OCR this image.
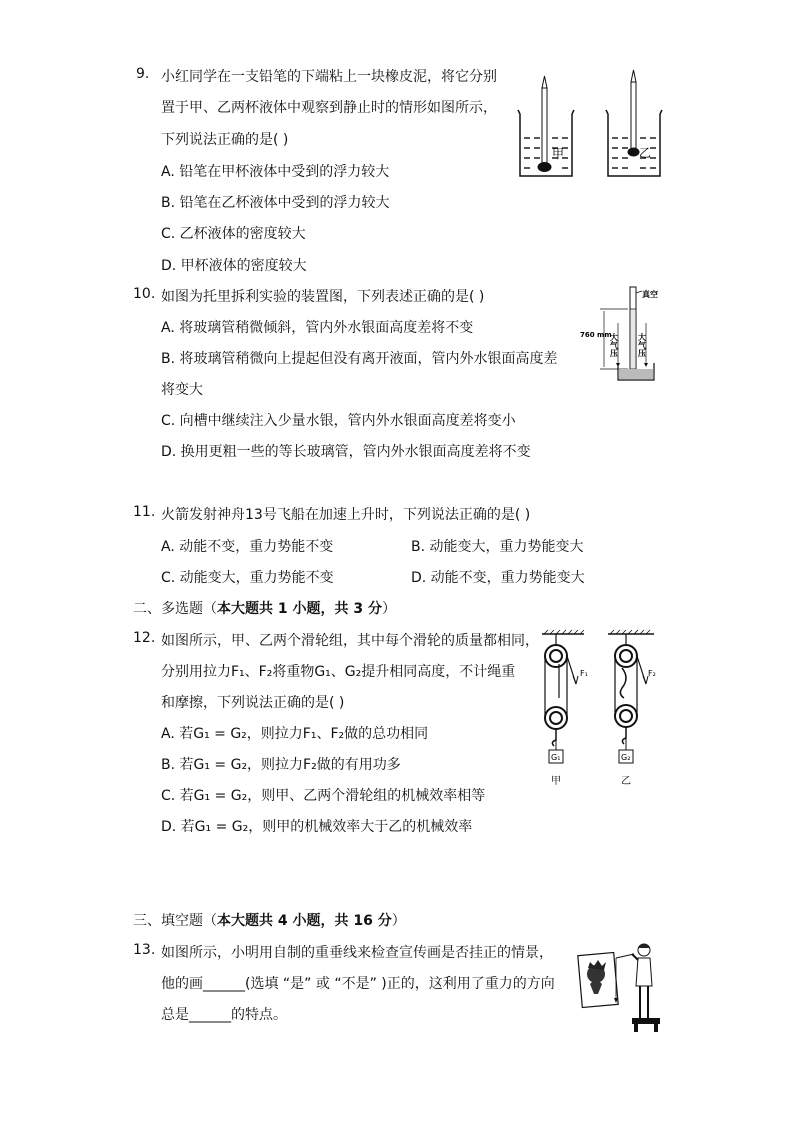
9. 小红同学在一支铅笔的下端粘上一块橡皮泥，将它分别
置于甲、乙两杯液体中观察到静止时的情形如图所示，
下列说法正确的是( )
A. 铅笔在甲杯液体中受到的浮力较大
B. 铅笔在乙杯液体中受到的浮力较大
C. 乙杯液体的密度较大
D. 甲杯液体的密度较大
甲	乙
10. 如图为托里拆利实验的装置图，下列表述正确的是( )
A. 将玻璃管稍微倾斜，管内外水银面高度差将不变
B. 将玻璃管稍微向上提起但没有离开液面，管内外水银面高度差
将变大
C. 向槽中继续注入少量水银，管内外水银面高度差将变小
D. 换用更粗一些的等长玻璃管，管内外水银面高度差将不变
真空
760 mm
大气压 大气压
11. 火箭发射神舟13号飞船在加速上升时，下列说法正确的是( )
A. 动能不变，重力势能不变	B. 动能变大，重力势能变大
C. 动能变大，重力势能不变	D. 动能不变，重力势能变大
二、多选题（本大题共 1 小题，共 3 分）
12. 如图所示，甲、乙两个滑轮组，其中每个滑轮的质量都相同，
分别用拉力F₁、F₂将重物G₁、G₂提升相同高度，不计绳重
和摩擦，下列说法正确的是( )
A. 若G₁ = G₂，则拉力F₁、F₂做的总功相同
B. 若G₁ = G₂，则拉力F₂做的有用功多
C. 若G₁ = G₂，则甲、乙两个滑轮组的机械效率相等
D. 若G₁ = G₂，则甲的机械效率大于乙的机械效率
F₁
G₁
甲
F₂
G₂
乙
三、填空题（本大题共 4 小题，共 16 分）
13. 如图所示，小明用自制的重垂线来检查宣传画是否挂正的情景，
他的画______(选填 “是” 或 “不是” )正的，这利用了重力的方向
总是______的特点。
